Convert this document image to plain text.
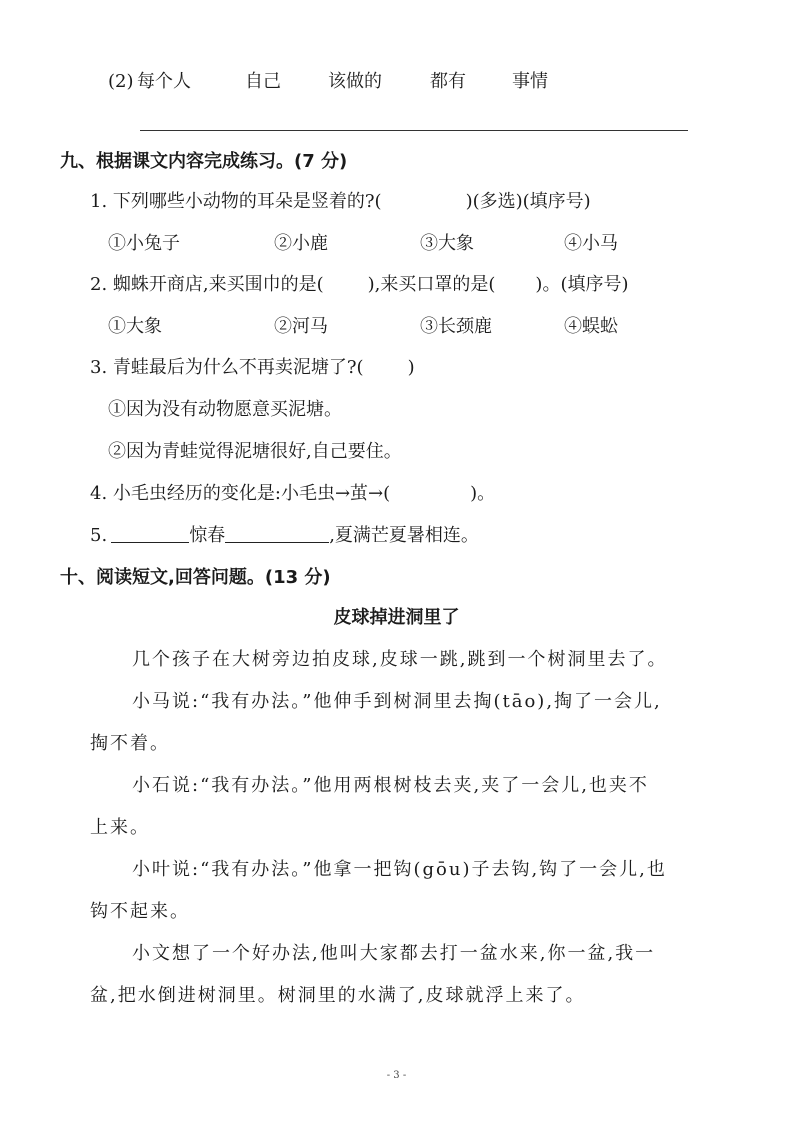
(2) 每个人	自己	该做的	都有	事情
九、根据课文内容完成练习。(7 分)
1. 下列哪些小动物的耳朵是竖着的?(	)(多选)(填序号)
①小兔子	②小鹿	③大象	④小马
2. 蜘蛛开商店,来买围巾的是( ),来买口罩的是( )。(填序号)
①大象	②河马	③长颈鹿	④蜈蚣
3. 青蛙最后为什么不再卖泥塘了?( )
①因为没有动物愿意买泥塘。
②因为青蛙觉得泥塘很好,自己要住。
4. 小毛虫经历的变化是:小毛虫→茧→(	)。
5.	惊春	,夏满芒夏暑相连。
十、阅读短文,回答问题。(13 分)
皮球掉进洞里了
几个孩子在大树旁边拍皮球,皮球一跳,跳到一个树洞里去了。
小马说:“我有办法。”他伸手到树洞里去掏(tāo),掏了一会儿,
掏不着。
小石说:“我有办法。”他用两根树枝去夹,夹了一会儿,也夹不
上来。
小叶说:“我有办法。”他拿一把钩(gōu)子去钩,钩了一会儿,也
钩不起来。
小文想了一个好办法,他叫大家都去打一盆水来,你一盆,我一
盆,把水倒进树洞里。树洞里的水满了,皮球就浮上来了。
- 3 -
